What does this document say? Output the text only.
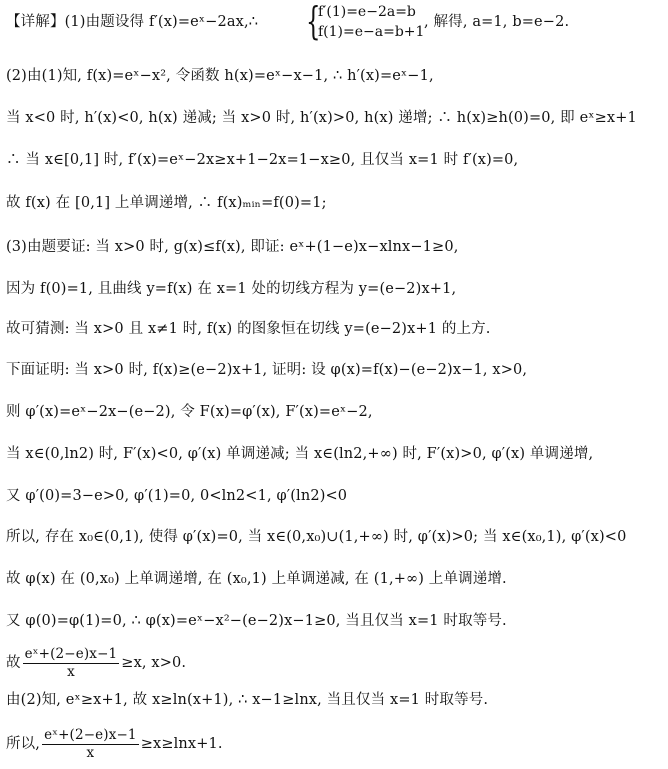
【详解】(1)由题设得 f′(x)=eˣ−2ax,∴ {
f′(1)=e−2a=b
f(1)=e−a=b+1
, 解得, a=1, b=e−2.
(2)由(1)知, f(x)=eˣ−x², 令函数 h(x)=eˣ−x−1, ∴ h′(x)=eˣ−1,
当 x<0 时, h′(x)<0, h(x) 递减; 当 x>0 时, h′(x)>0, h(x) 递增; ∴ h(x)≥h(0)=0, 即 eˣ≥x+1
∴ 当 x∈[0,1] 时, f′(x)=eˣ−2x≥x+1−2x=1−x≥0, 且仅当 x=1 时 f′(x)=0,
故 f(x) 在 [0,1] 上单调递增, ∴ f(x)ₘᵢₙ=f(0)=1;
(3)由题要证: 当 x>0 时, g(x)≤f(x), 即证: eˣ+(1−e)x−xlnx−1≥0,
因为 f(0)=1, 且曲线 y=f(x) 在 x=1 处的切线方程为 y=(e−2)x+1,
故可猜测: 当 x>0 且 x≠1 时, f(x) 的图象恒在切线 y=(e−2)x+1 的上方.
下面证明: 当 x>0 时, f(x)≥(e−2)x+1, 证明: 设 φ(x)=f(x)−(e−2)x−1, x>0,
则 φ′(x)=eˣ−2x−(e−2), 令 F(x)=φ′(x), F′(x)=eˣ−2,
当 x∈(0,ln2) 时, F′(x)<0, φ′(x) 单调递减; 当 x∈(ln2,+∞) 时, F′(x)>0, φ′(x) 单调递增,
又 φ′(0)=3−e>0, φ′(1)=0, 0<ln2<1, φ′(ln2)<0
所以, 存在 x₀∈(0,1), 使得 φ′(x)=0, 当 x∈(0,x₀)∪(1,+∞) 时, φ′(x)>0; 当 x∈(x₀,1), φ′(x)<0
故 φ(x) 在 (0,x₀) 上单调递增, 在 (x₀,1) 上单调递减, 在 (1,+∞) 上单调递增.
又 φ(0)=φ(1)=0, ∴ φ(x)=eˣ−x²−(e−2)x−1≥0, 当且仅当 x=1 时取等号.
故 $\frac{\text{eˣ+(2−e)x−1}}{x} \ge x$, x>0.
由(2)知, eˣ≥x+1, 故 x≥ln(x+1), ∴ x−1≥lnx, 当且仅当 x=1 时取等号.
所以, $\frac{\text{eˣ+(2−e)x−1}}{x} \ge x\ge\ln x+1$.
